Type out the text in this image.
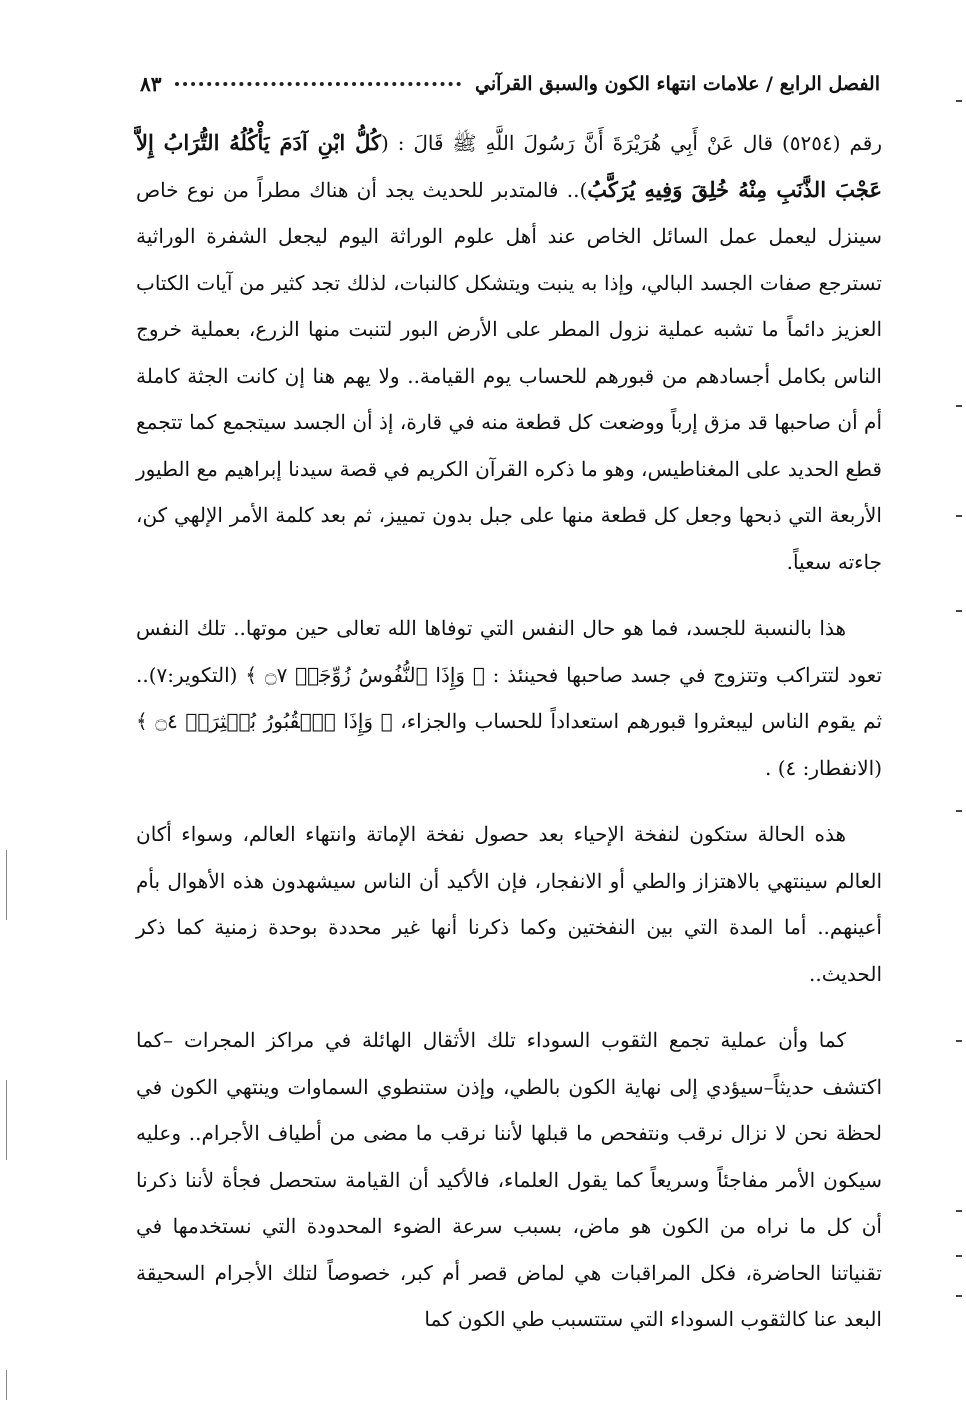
الفصل الرابع / علامات انتهاء الكون والسبق القرآني
٨٣

رقم (٥٢٥٤) قال عَنْ أَبِي هُرَيْرَةَ أَنَّ رَسُولَ اللَّهِ ﷺ قَالَ : (كُلُّ ابْنِ آدَمَ يَأْكُلُهُ التُّرَابُ إِلاَّ عَجْبَ الذَّنَبِ مِنْهُ خُلِقَ وَفِيهِ يُرَكَّبُ).. فالمتدبر للحديث يجد أن هناك مطراً من نوع خاص سينزل ليعمل عمل السائل الخاص عند أهل علوم الوراثة اليوم ليجعل الشفرة الوراثية تسترجع صفات الجسد البالي، وإذا به ينبت ويتشكل كالنبات، لذلك تجد كثير من آيات الكتاب العزيز دائماً ما تشبه عملية نزول المطر على الأرض البور لتنبت منها الزرع، بعملية خروج الناس بكامل أجسادهم من قبورهم للحساب يوم القيامة.. ولا يهم هنا إن كانت الجثة كاملة أم أن صاحبها قد مزق إرباً ووضعت كل قطعة منه في قارة، إذ أن الجسد سيتجمع كما تتجمع قطع الحديد على المغناطيس، وهو ما ذكره القرآن الكريم في قصة سيدنا إبراهيم مع الطيور الأربعة التي ذبحها وجعل كل قطعة منها على جبل بدون تمييز، ثم بعد كلمة الأمر الإلهي كن، جاءته سعياً.

هذا بالنسبة للجسد، فما هو حال النفس التي توفاها الله تعالى حين موتها.. تلك النفس تعود لتتراكب وتتزوج في جسد صاحبها فحينئذ : ﴿ وَإِذَا ٱلنُّفُوسُ زُوِّجَتۡ ۝٧ ﴾ (التكوير:٧).. ثم يقوم الناس ليبعثروا قبورهم استعداداً للحساب والجزاء، ﴿ وَإِذَا ٱلۡقُبُورُ بُعۡثِرَتۡ ۝٤ ﴾ (الانفطار: ٤) .

هذه الحالة ستكون لنفخة الإحياء بعد حصول نفخة الإماتة وانتهاء العالم، وسواء أكان العالم سينتهي بالاهتزاز والطي أو الانفجار، فإن الأكيد أن الناس سيشهدون هذه الأهوال بأم أعينهم.. أما المدة التي بين النفختين وكما ذكرنا أنها غير محددة بوحدة زمنية كما ذكر الحديث..

كما وأن عملية تجمع الثقوب السوداء تلك الأثقال الهائلة في مراكز المجرات –كما اكتشف حديثاً–سيؤدي إلى نهاية الكون بالطي، وإذن ستنطوي السماوات وينتهي الكون في لحظة نحن لا نزال نرقب ونتفحص ما قبلها لأننا نرقب ما مضى من أطياف الأجرام.. وعليه سيكون الأمر مفاجئاً وسريعاً كما يقول العلماء، فالأكيد أن القيامة ستحصل فجأة لأننا ذكرنا أن كل ما نراه من الكون هو ماض، بسبب سرعة الضوء المحدودة التي نستخدمها في تقنياتنا الحاضرة، فكل المراقبات هي لماض قصر أم كبر، خصوصاً لتلك الأجرام السحيقة البعد عنا كالثقوب السوداء التي ستتسبب طي الكون كما
